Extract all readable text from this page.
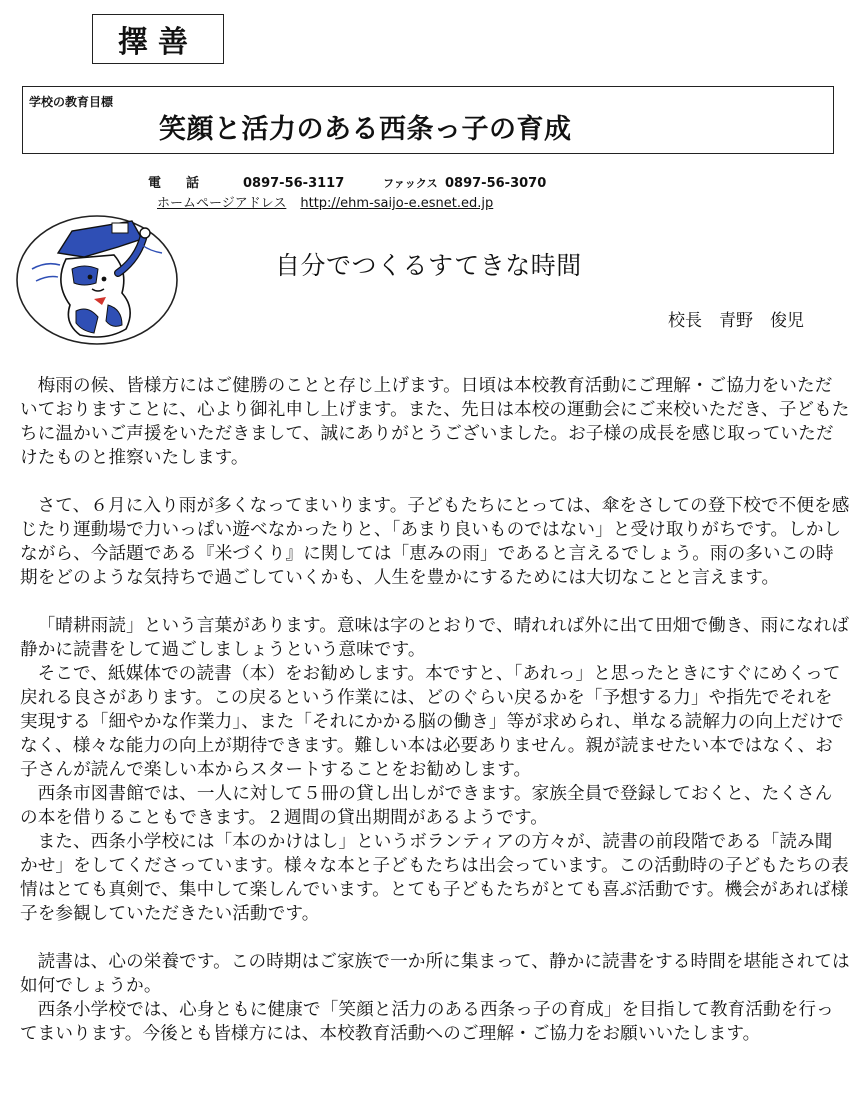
擇善
学校の教育目標
笑顔と活力のある西条っ子の育成
電　話	0897-56-3117	ファックス 0897-56-3070
ホームページアドレス http://ehm-saijo-e.esnet.ed.jp
自分でつくるすてきな時間
校長　青野　俊児

梅雨の候、皆様方にはご健勝のことと存じ上げます。日頃は本校教育活動にご理解・ご協力をいただいておりますことに、心より御礼申し上げます。また、先日は本校の運動会にご来校いただき、子どもたちに温かいご声援をいただきまして、誠にありがとうございました。お子様の成長を感じ取っていただけたものと推察いたします。

さて、６月に入り雨が多くなってまいります。子どもたちにとっては、傘をさしての登下校で不便を感じたり運動場で力いっぱい遊べなかったりと、「あまり良いものではない」と受け取りがちです。しかしながら、今話題である『米づくり』に関しては「恵みの雨」であると言えるでしょう。雨の多いこの時期をどのような気持ちで過ごしていくかも、人生を豊かにするためには大切なことと言えます。

「晴耕雨読」という言葉があります。意味は字のとおりで、晴れれば外に出て田畑で働き、雨になれば静かに読書をして過ごしましょうという意味です。

そこで、紙媒体での読書（本）をお勧めします。本ですと、「あれっ」と思ったときにすぐにめくって戻れる良さがあります。この戻るという作業には、どのぐらい戻るかを「予想する力」や指先でそれを実現する「細やかな作業力」、また「それにかかる脳の働き」等が求められ、単なる読解力の向上だけでなく、様々な能力の向上が期待できます。難しい本は必要ありません。親が読ませたい本ではなく、お子さんが読んで楽しい本からスタートすることをお勧めします。

西条市図書館では、一人に対して５冊の貸し出しができます。家族全員で登録しておくと、たくさんの本を借りることもできます。２週間の貸出期間があるようです。

また、西条小学校には「本のかけはし」というボランティアの方々が、読書の前段階である「読み聞かせ」をしてくださっています。様々な本と子どもたちは出会っています。この活動時の子どもたちの表情はとても真剣で、集中して楽しんでいます。とても子どもたちがとても喜ぶ活動です。機会があれば様子を参観していただきたい活動です。

読書は、心の栄養です。この時期はご家族で一か所に集まって、静かに読書をする時間を堪能されては如何でしょうか。

西条小学校では、心身ともに健康で「笑顔と活力のある西条っ子の育成」を目指して教育活動を行ってまいります。今後とも皆様方には、本校教育活動へのご理解・ご協力をお願いいたします。
